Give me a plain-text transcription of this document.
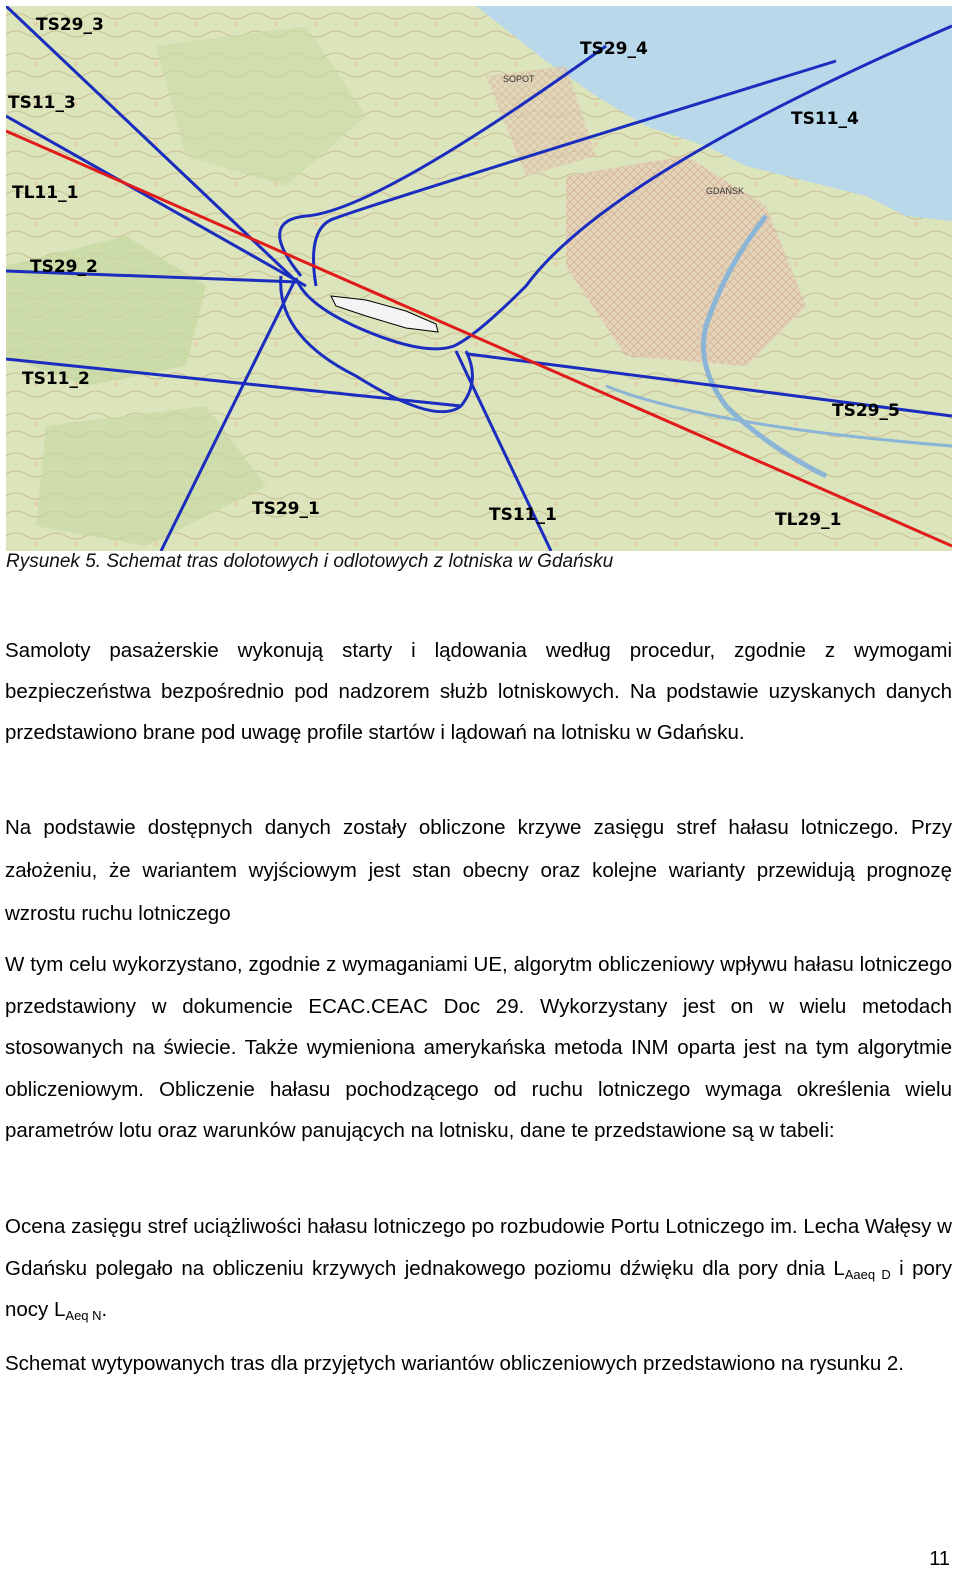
GDAŃSK
SOPOT
TS29_3
TS11_3
TL11_1
TS29_2
TS11_2
TS29_1	TS11_1
TS29_4
TS11_4
TS29_5
TL29_1
Rysunek 5. Schemat tras dolotowych i odlotowych z lotniska w Gdańsku

Samoloty pasażerskie wykonują starty i lądowania według procedur, zgodnie z wymogami bezpieczeństwa bezpośrednio pod nadzorem służb lotniskowych. Na podstawie uzyskanych danych przedstawiono brane pod uwagę profile startów i lądowań na lotnisku w Gdańsku.

Na podstawie dostępnych danych zostały obliczone krzywe zasięgu stref hałasu lotniczego. Przy założeniu, że wariantem wyjściowym jest stan obecny oraz kolejne warianty przewidują prognozę wzrostu ruchu lotniczego

W tym celu wykorzystano, zgodnie z wymaganiami UE, algorytm obliczeniowy wpływu hałasu lotniczego przedstawiony w dokumencie ECAC.CEAC Doc 29. Wykorzystany jest on w wielu metodach stosowanych na świecie. Także wymieniona amerykańska metoda INM oparta jest na tym algorytmie obliczeniowym. Obliczenie hałasu pochodzącego od ruchu lotniczego wymaga określenia wielu parametrów lotu oraz warunków panujących na lotnisku, dane te przedstawione są w tabeli:

Ocena zasięgu stref uciążliwości hałasu lotniczego po rozbudowie Portu Lotniczego im. Lecha Wałęsy w Gdańsku polegało na obliczeniu krzywych jednakowego poziomu dźwięku dla pory dnia $L_{Aaeq D}$ i pory nocy $L_{Aeq N}$.

Schemat wytypowanych tras dla przyjętych wariantów obliczeniowych przedstawiono na rysunku 2.

11
